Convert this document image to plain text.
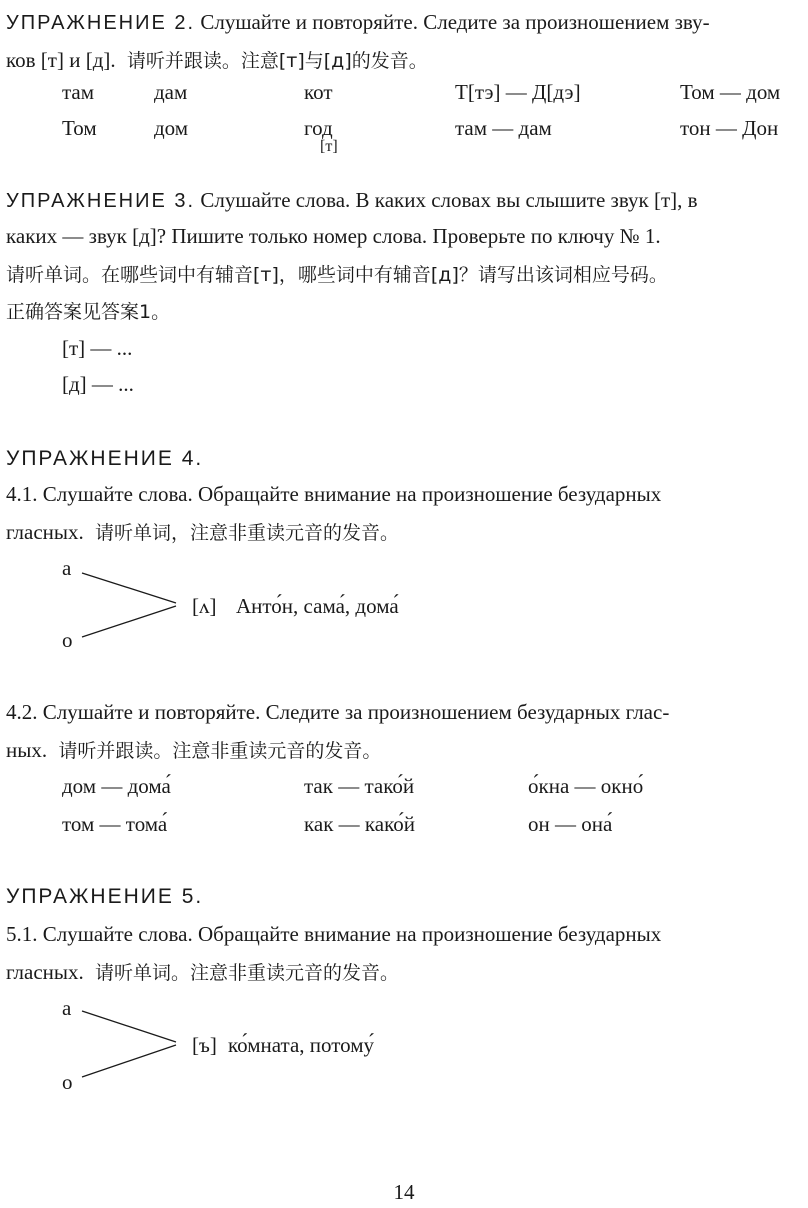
УПРАЖНЕНИЕ 2. Слушайте и повторяйте. Следите за произношением зву-
ков [т] и [д]. 请听并跟读。注意[т]与[д]的发音。
там	дам	кот	Т[тэ] — Д[дэ]	Том — дом
Том	дом	год	там — дам	тон — Дон
[т]
УПРАЖНЕНИЕ 3. Слушайте слова. В каких словах вы слышите звук [т], в
каких — звук [д]? Пишите только номер слова. Проверьте по ключу № 1.
请听单词。在哪些词中有辅音[т]，哪些词中有辅音[д]？请写出该词相应号码。
正确答案见答案1。
[т] — ...
[д] — ...
УПРАЖНЕНИЕ 4.
4.1. Слушайте слова. Обращайте внимание на произношение безударных
гласных. 请听单词，注意非重读元音的发音。
а
о
[ʌ] Анто́н, сама́, дома́
4.2. Слушайте и повторяйте. Следите за произношением безударных глас-
ных. 请听并跟读。注意非重读元音的发音。
дом — дома́	так — тако́й	о́кна — окно́
том — тома́	как — како́й	он — она́
УПРАЖНЕНИЕ 5.
5.1. Слушайте слова. Обращайте внимание на произношение безударных
гласных. 请听单词。注意非重读元音的发音。
а
о
[ъ] ко́мната, потому́
14
